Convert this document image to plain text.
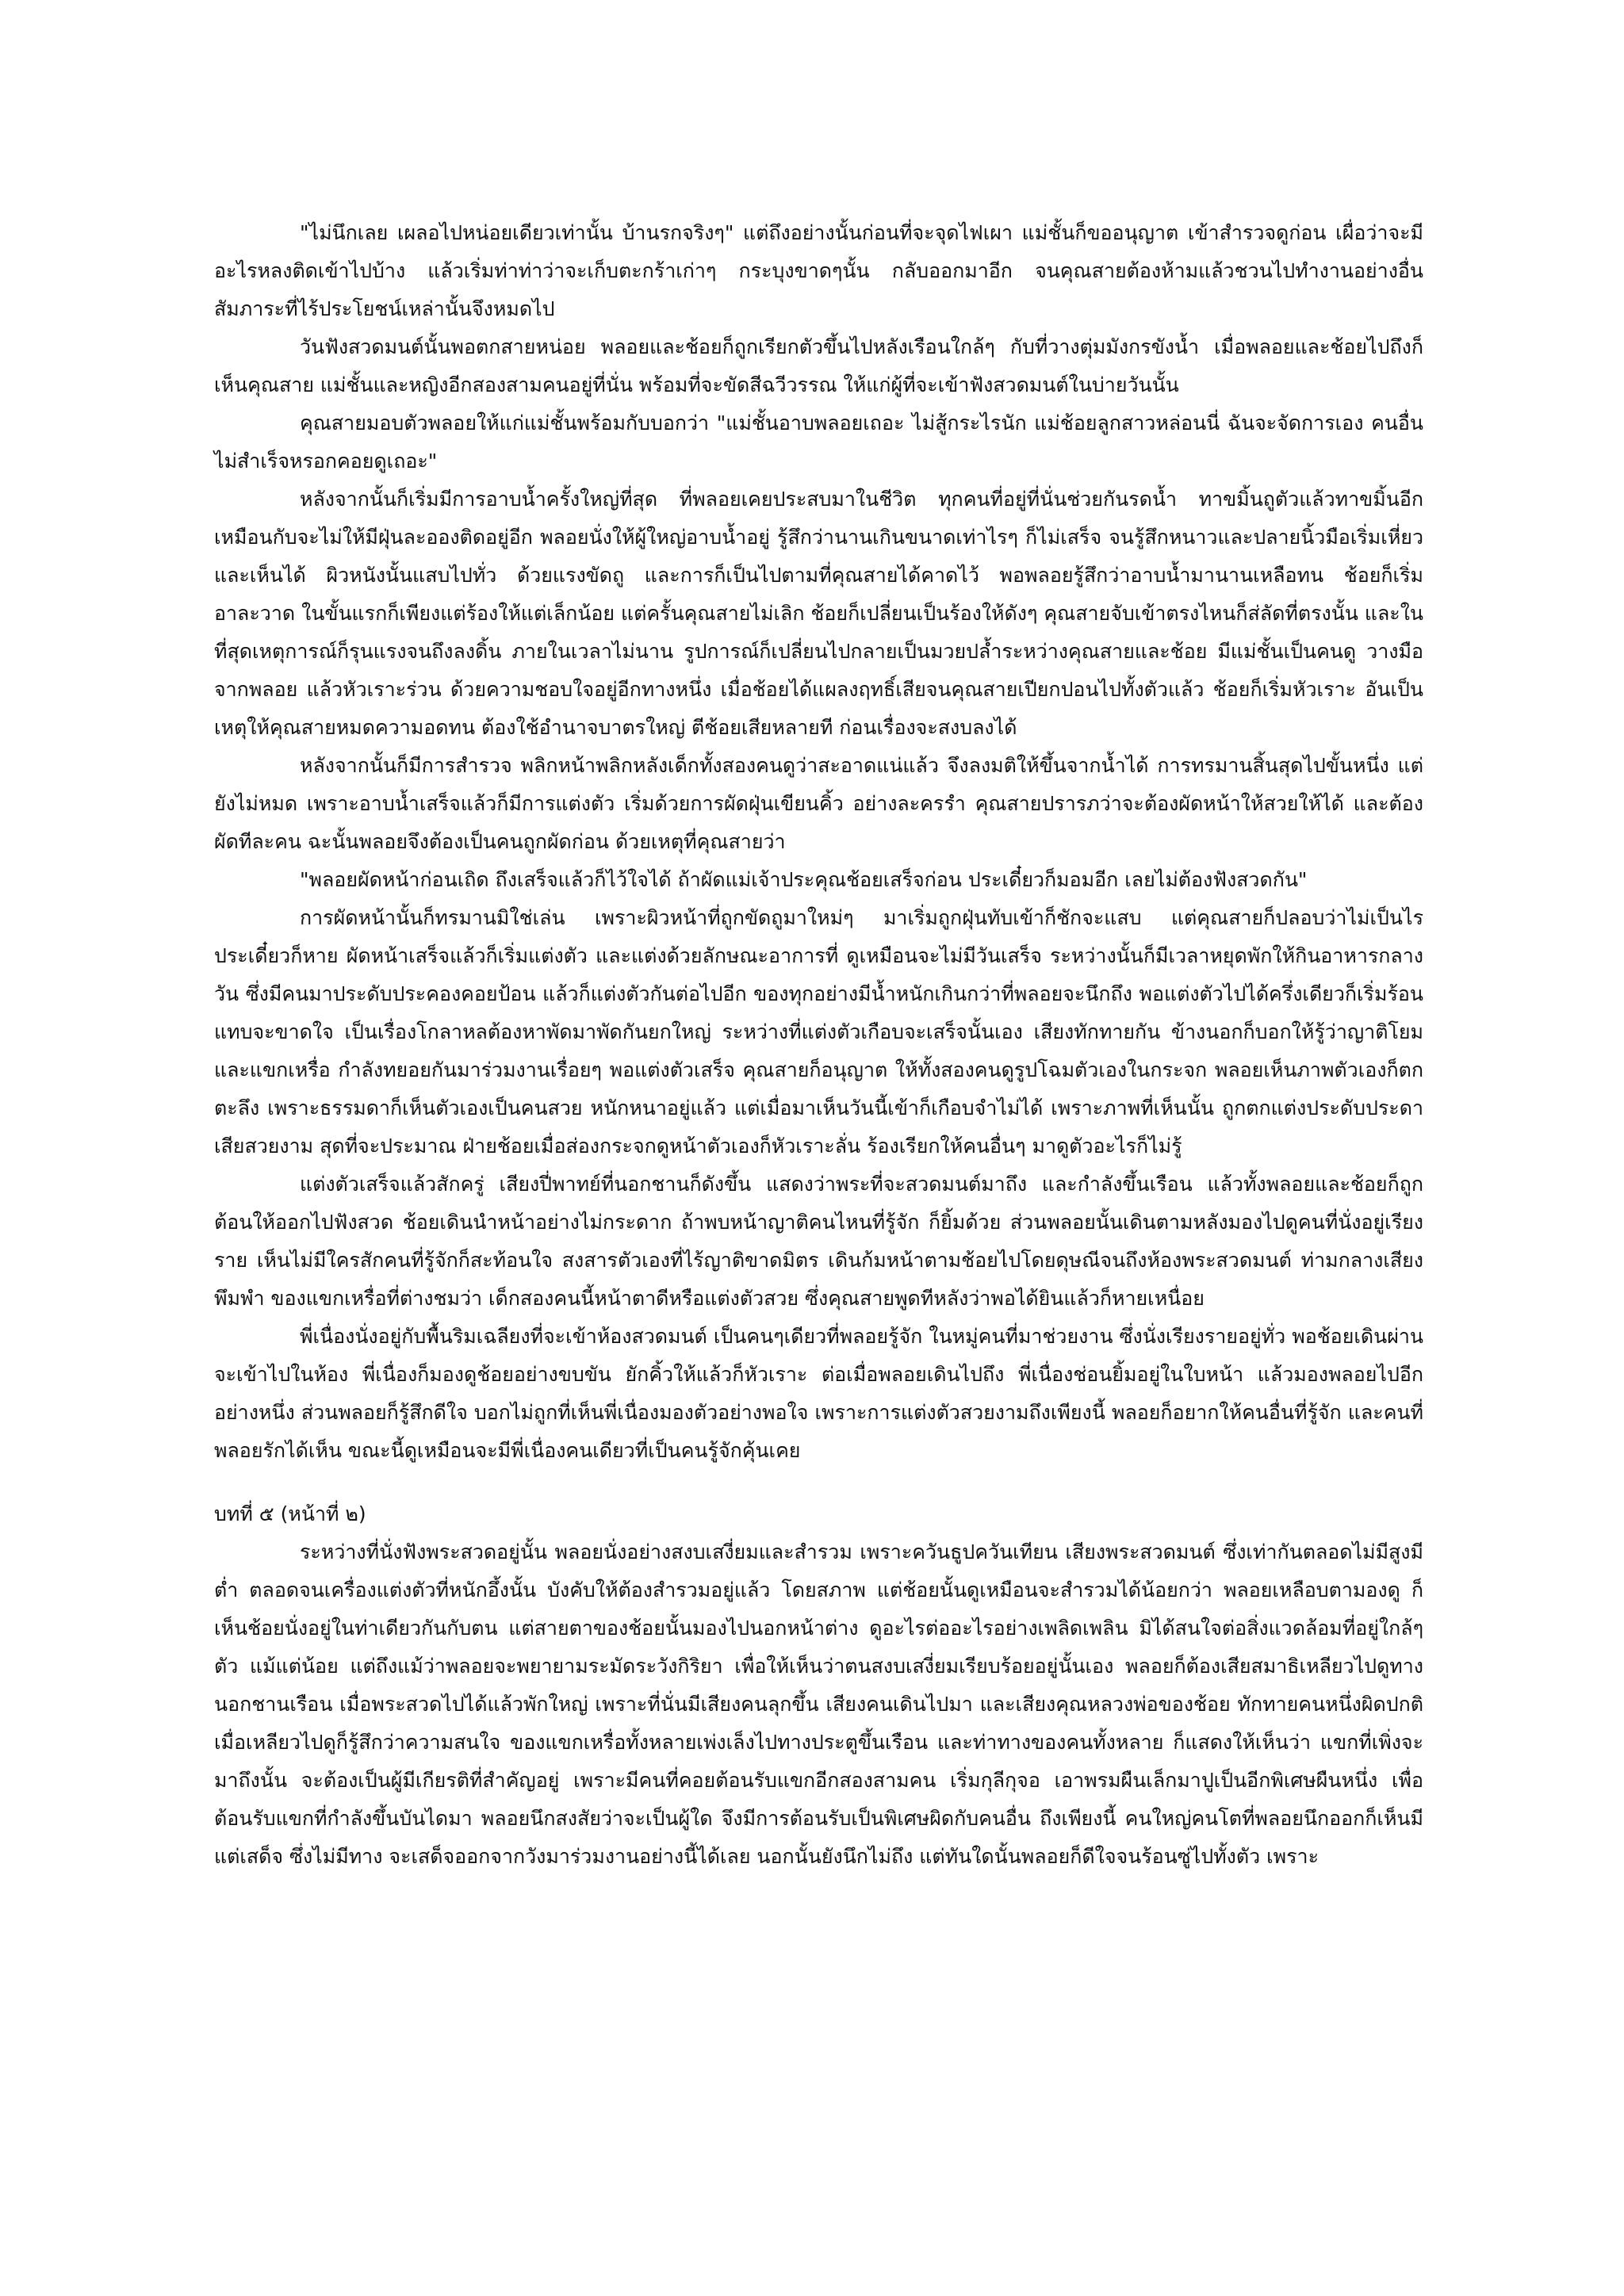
"ไม่นึกเลย เผลอไปหน่อยเดียวเท่านั้น บ้านรกจริงๆ" แต่ถึงอย่างนั้นก่อนที่จะจุดไฟเผา แม่ชั้นก็ขออนุญาต เข้าสำรวจดูก่อน เผื่อว่าจะมีอะไรหลงติดเข้าไปบ้าง แล้วเริ่มท่าท่าว่าจะเก็บตะกร้าเก่าๆ กระบุงขาดๆนั้น กลับออกมาอีก จนคุณสายต้องห้ามแล้วชวนไปทำงานอย่างอื่น สัมภาระที่ไร้ประโยชน์เหล่านั้นจึงหมดไป

วันฟังสวดมนต์นั้นพอตกสายหน่อย พลอยและช้อยก็ถูกเรียกตัวขึ้นไปหลังเรือนใกล้ๆ กับที่วางตุ่มมังกรขังน้ำ เมื่อพลอยและช้อยไปถึงก็เห็นคุณสาย แม่ชั้นและหญิงอีกสองสามคนอยู่ที่นั่น พร้อมที่จะขัดสีฉวีวรรณ ให้แก่ผู้ที่จะเข้าฟังสวดมนต์ในบ่ายวันนั้น

คุณสายมอบตัวพลอยให้แก่แม่ชั้นพร้อมกับบอกว่า "แม่ชั้นอาบพลอยเถอะ ไม่สู้กระไรนัก แม่ช้อยลูกสาวหล่อนนี่ ฉันจะจัดการเอง คนอื่นไม่สำเร็จหรอกคอยดูเถอะ"

หลังจากนั้นก็เริ่มมีการอาบน้ำครั้งใหญ่ที่สุด ที่พลอยเคยประสบมาในชีวิต ทุกคนที่อยู่ที่นั่นช่วยกันรดน้ำ ทาขมิ้นถูตัวแล้วทาขมิ้นอีก เหมือนกับจะไม่ให้มีฝุ่นละอองติดอยู่อีก พลอยนั่งให้ผู้ใหญ่อาบน้ำอยู่ รู้สึกว่านานเกินขนาดเท่าไรๆ ก็ไม่เสร็จ จนรู้สึกหนาวและปลายนิ้วมือเริ่มเหี่ยวและเห็นได้ ผิวหนังนั้นแสบไปทั่ว ด้วยแรงขัดถู และการก็เป็นไปตามที่คุณสายได้คาดไว้ พอพลอยรู้สึกว่าอาบน้ำมานานเหลือทน ช้อยก็เริ่มอาละวาด ในขั้นแรกก็เพียงแต่ร้องให้แต่เล็กน้อย แต่ครั้นคุณสายไม่เลิก ช้อยก็เปลี่ยนเป็นร้องให้ดังๆ คุณสายจับเข้าตรงไหนก็ส่ลัดที่ตรงนั้น และในที่สุดเหตุการณ์ก็รุนแรงจนถึงลงดิ้น ภายในเวลาไม่นาน รูปการณ์ก็เปลี่ยนไปกลายเป็นมวยปล้ำระหว่างคุณสายและช้อย มีแม่ชั้นเป็นคนดู วางมือจากพลอย แล้วหัวเราะร่วน ด้วยความชอบใจอยู่อีกทางหนึ่ง เมื่อช้อยได้แผลงฤทธิ์เสียจนคุณสายเปียกปอนไปทั้งตัวแล้ว ช้อยก็เริ่มหัวเราะ อันเป็นเหตุให้คุณสายหมดความอดทน ต้องใช้อำนาจบาตรใหญ่ ตีช้อยเสียหลายที ก่อนเรื่องจะสงบลงได้

หลังจากนั้นก็มีการสำรวจ พลิกหน้าพลิกหลังเด็กทั้งสองคนดูว่าสะอาดแน่แล้ว จึงลงมติให้ขึ้นจากน้ำได้ การทรมานสิ้นสุดไปขั้นหนึ่ง แต่ยังไม่หมด เพราะอาบน้ำเสร็จแล้วก็มีการแต่งตัว เริ่มด้วยการผัดฝุ่นเขียนคิ้ว อย่างละครรำ คุณสายปรารภว่าจะต้องผัดหน้าให้สวยให้ได้ และต้องผัดทีละคน ฉะนั้นพลอยจึงต้องเป็นคนถูกผัดก่อน ด้วยเหตุที่คุณสายว่า

"พลอยผัดหน้าก่อนเถิด ถึงเสร็จแล้วก็ไว้ใจได้ ถ้าผัดแม่เจ้าประคุณช้อยเสร็จก่อน ประเดี๋ยวก็มอมอีก เลยไม่ต้องฟังสวดกัน"

การผัดหน้านั้นก็ทรมานมิใช่เล่น เพราะผิวหน้าที่ถูกขัดถูมาใหม่ๆ มาเริ่มถูกฝุ่นทับเข้าก็ชักจะแสบ แต่คุณสายก็ปลอบว่าไม่เป็นไร ประเดี๋ยวก็หาย ผัดหน้าเสร็จแล้วก็เริ่มแต่งตัว และแต่งด้วยลักษณะอาการที่ ดูเหมือนจะไม่มีวันเสร็จ ระหว่างนั้นก็มีเวลาหยุดพักให้กินอาหารกลางวัน ซึ่งมีคนมาประดับประคองคอยป้อน แล้วก็แต่งตัวกันต่อไปอีก ของทุกอย่างมีน้ำหนักเกินกว่าที่พลอยจะนึกถึง พอแต่งตัวไปได้ครึ่งเดียวก็เริ่มร้อน แทบจะขาดใจ เป็นเรื่องโกลาหลต้องหาพัดมาพัดกันยกใหญ่ ระหว่างที่แต่งตัวเกือบจะเสร็จนั้นเอง เสียงทักทายกัน ข้างนอกก็บอกให้รู้ว่าญาติโยมและแขกเหรื่อ กำลังทยอยกันมาร่วมงานเรื่อยๆ พอแต่งตัวเสร็จ คุณสายก็อนุญาต ให้ทั้งสองคนดูรูปโฉมตัวเองในกระจก พลอยเห็นภาพตัวเองก็ตกตะลึง เพราะธรรมดาก็เห็นตัวเองเป็นคนสวย หนักหนาอยู่แล้ว แต่เมื่อมาเห็นวันนี้เข้าก็เกือบจำไม่ได้ เพราะภาพที่เห็นนั้น ถูกตกแต่งประดับประดาเสียสวยงาม สุดที่จะประมาณ ฝ่ายช้อยเมื่อส่องกระจกดูหน้าตัวเองก็หัวเราะลั่น ร้องเรียกให้คนอื่นๆ มาดูตัวอะไรก็ไม่รู้

แต่งตัวเสร็จแล้วสักครู่ เสียงปี่พาทย์ที่นอกชานก็ดังขึ้น แสดงว่าพระที่จะสวดมนต์มาถึง และกำลังขึ้นเรือน แล้วทั้งพลอยและช้อยก็ถูกต้อนให้ออกไปฟังสวด ช้อยเดินนำหน้าอย่างไม่กระดาก ถ้าพบหน้าญาติคนไหนที่รู้จัก ก็ยิ้มด้วย ส่วนพลอยนั้นเดินตามหลังมองไปดูคนที่นั่งอยู่เรียงราย เห็นไม่มีใครสักคนที่รู้จักก็สะท้อนใจ สงสารตัวเองที่ไร้ญาติขาดมิตร เดินก้มหน้าตามช้อยไปโดยดุษณีจนถึงห้องพระสวดมนต์ ท่ามกลางเสียงพึมพำ ของแขกเหรื่อที่ต่างชมว่า เด็กสองคนนี้หน้าตาดีหรือแต่งตัวสวย ซึ่งคุณสายพูดทีหลังว่าพอได้ยินแล้วก็หายเหนื่อย

พี่เนื่องนั่งอยู่กับพื้นริมเฉลียงที่จะเข้าห้องสวดมนต์ เป็นคนๆเดียวที่พลอยรู้จัก ในหมู่คนที่มาช่วยงาน ซึ่งนั่งเรียงรายอยู่ทั่ว พอช้อยเดินผ่านจะเข้าไปในห้อง พี่เนื่องก็มองดูช้อยอย่างขบขัน ยักคิ้วให้แล้วก็หัวเราะ ต่อเมื่อพลอยเดินไปถึง พี่เนื่องช่อนยิ้มอยู่ในใบหน้า แล้วมองพลอยไปอีกอย่างหนึ่ง ส่วนพลอยก็รู้สึกดีใจ บอกไม่ถูกที่เห็นพี่เนื่องมองตัวอย่างพอใจ เพราะการแต่งตัวสวยงามถึงเพียงนี้ พลอยก็อยากให้คนอื่นที่รู้จัก และคนที่พลอยรักได้เห็น ขณะนี้ดูเหมือนจะมีพี่เนื่องคนเดียวที่เป็นคนรู้จักคุ้นเคย

บทที่ ๕ (หน้าที่ ๒)

ระหว่างที่นั่งฟังพระสวดอยู่นั้น พลอยนั่งอย่างสงบเสงี่ยมและสำรวม เพราะควันธูปควันเทียน เสียงพระสวดมนต์ ซึ่งเท่ากันตลอดไม่มีสูงมีต่ำ ตลอดจนเครื่องแต่งตัวที่หนักอึ้งนั้น บังคับให้ต้องสำรวมอยู่แล้ว โดยสภาพ แต่ช้อยนั้นดูเหมือนจะสำรวมได้น้อยกว่า พลอยเหลือบตามองดู ก็เห็นช้อยนั่งอยู่ในท่าเดียวกันกับตน แต่สายตาของช้อยนั้นมองไปนอกหน้าต่าง ดูอะไรต่ออะไรอย่างเพลิดเพลิน มิได้สนใจต่อสิ่งแวดล้อมที่อยู่ใกล้ๆตัว แม้แต่น้อย แต่ถึงแม้ว่าพลอยจะพยายามระมัดระวังกิริยา เพื่อให้เห็นว่าตนสงบเสงี่ยมเรียบร้อยอยู่นั้นเอง พลอยก็ต้องเสียสมาธิเหลียวไปดูทางนอกชานเรือน เมื่อพระสวดไปได้แล้วพักใหญ่ เพราะที่นั่นมีเสียงคนลุกขึ้น เสียงคนเดินไปมา และเสียงคุณหลวงพ่อของช้อย ทักทายคนหนึ่งผิดปกติ เมื่อเหลียวไปดูก็รู้สึกว่าความสนใจ ของแขกเหรื่อทั้งหลายเพ่งเล็งไปทางประตูขึ้นเรือน และท่าทางของคนทั้งหลาย ก็แสดงให้เห็นว่า แขกที่เพิ่งจะมาถึงนั้น จะต้องเป็นผู้มีเกียรติที่สำคัญอยู่ เพราะมีคนที่คอยต้อนรับแขกอีกสองสามคน เริ่มกุลีกุจอ เอาพรมผืนเล็กมาปูเป็นอีกพิเศษผืนหนึ่ง เพื่อต้อนรับแขกที่กำลังขึ้นบันไดมา พลอยนึกสงสัยว่าจะเป็นผู้ใด จึงมีการต้อนรับเป็นพิเศษผิดกับคนอื่น ถึงเพียงนี้ คนใหญ่คนโตที่พลอยนึกออกก็เห็นมีแต่เสด็จ ซึ่งไม่มีทาง จะเสด็จออกจากวังมาร่วมงานอย่างนี้ได้เลย นอกนั้นยังนึกไม่ถึง แต่ทันใดนั้นพลอยก็ดีใจจนร้อนซู่ไปทั้งตัว เพราะ
